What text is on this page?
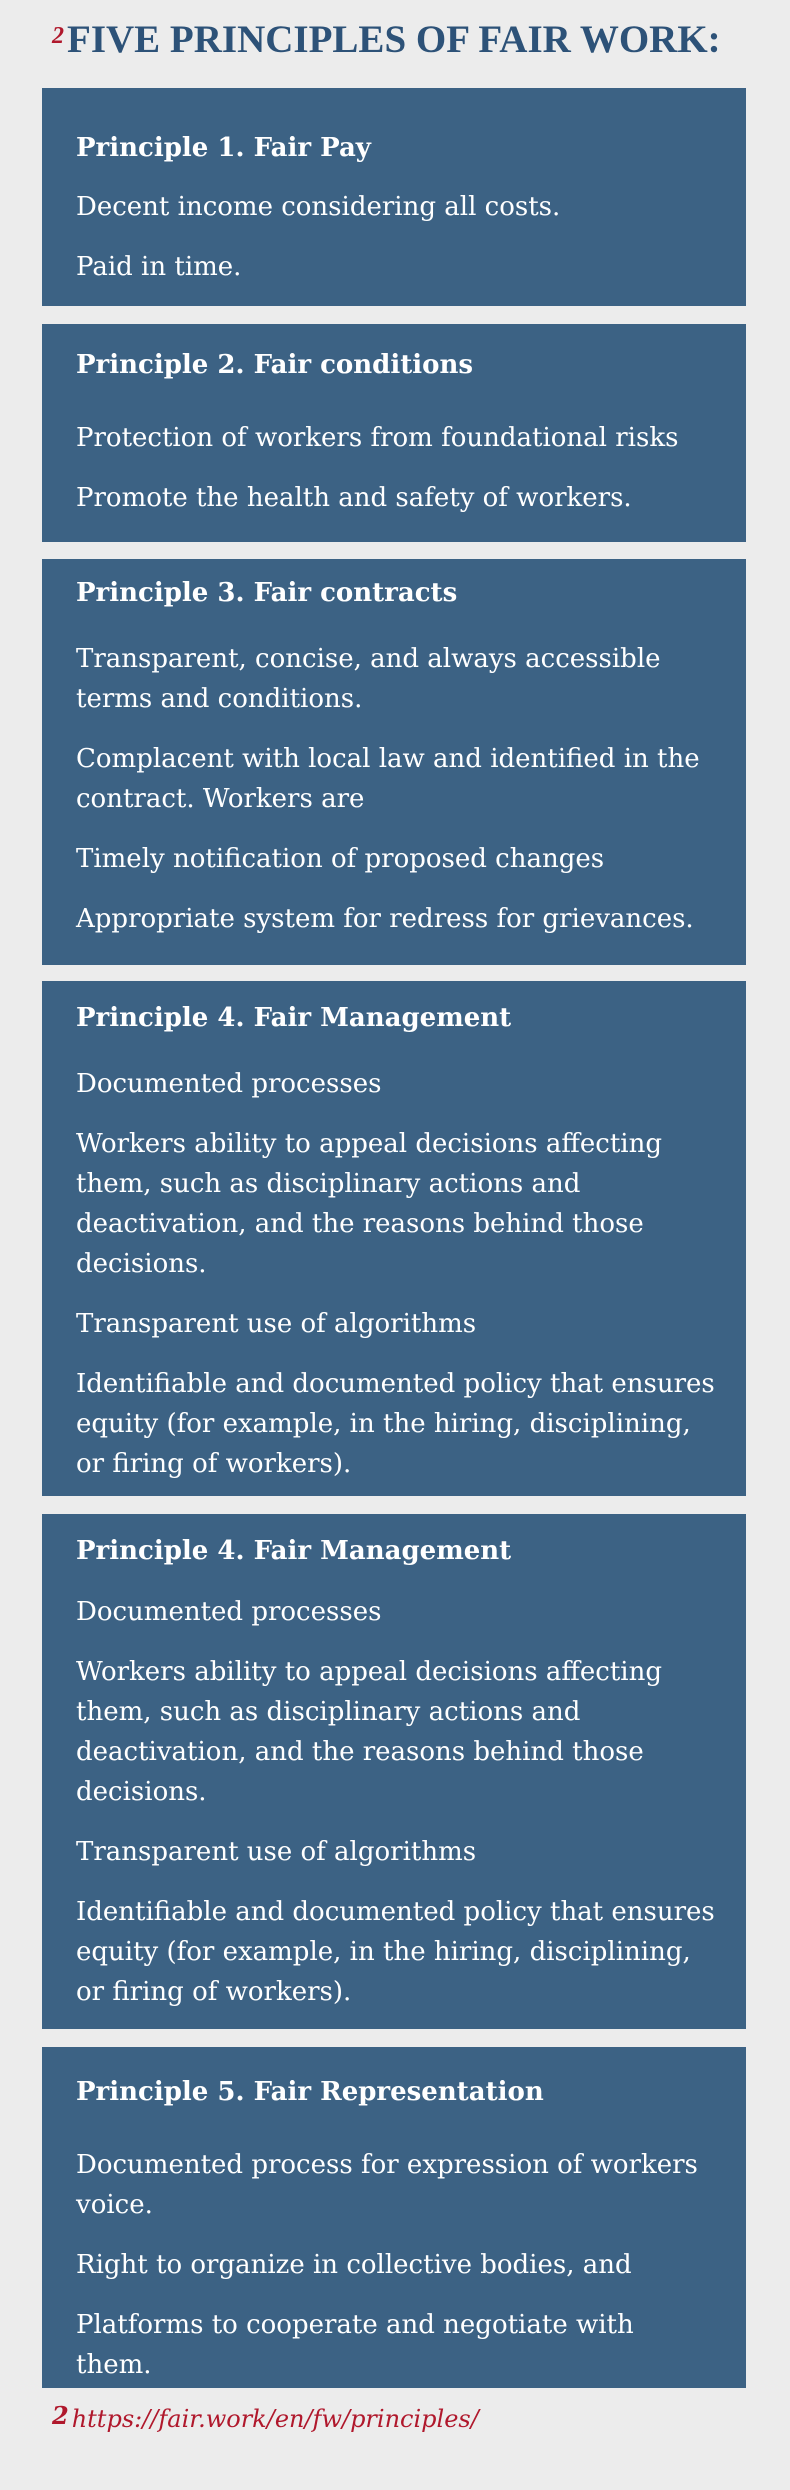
$^2$FIVE PRINCIPLES OF FAIR WORK:
Principle 1. Fair Pay
Decent income considering all costs.
Paid in time.
Principle 2. Fair conditions
Protection of workers from foundational risks
Promote the health and safety of workers.
Principle 3. Fair contracts
Transparent, concise, and always accessible terms and conditions.
Complacent with local law and identified in the contract. Workers are
Timely notification of proposed changes
Appropriate system for redress for grievances.
Principle 4. Fair Management
Documented processes
Workers ability to appeal decisions affecting them, such as disciplinary actions and deactivation, and the reasons behind those decisions.
Transparent use of algorithms
Identifiable and documented policy that ensures equity (for example, in the hiring, disciplining, or firing of workers).
Principle 4. Fair Management
Documented processes
Workers ability to appeal decisions affecting them, such as disciplinary actions and deactivation, and the reasons behind those decisions.
Transparent use of algorithms
Identifiable and documented policy that ensures equity (for example, in the hiring, disciplining, or firing of workers).
Principle 5. Fair Representation
Documented process for expression of workers voice.
Right to organize in collective bodies, and
Platforms to cooperate and negotiate with them.
$^2$ https://fair.work/en/fw/principles/
